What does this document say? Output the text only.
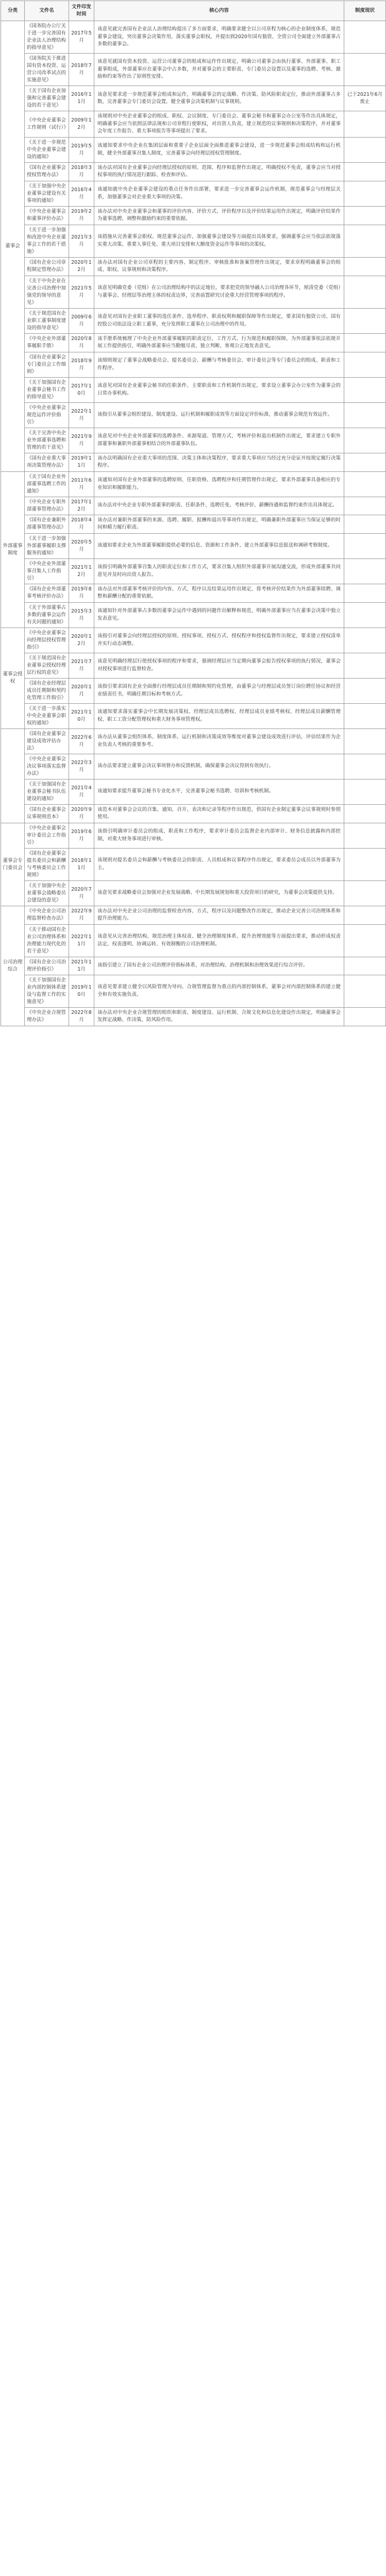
分类	文件名	文件印发时间	核心内容	制度现状
董事会	《国务院办公厅关于进一步完善国有企业法人治理结构的指导意见》	2017年5月	该意见就完善国有企业法人治理结构提出了多方面要求，明确要求健全以公司章程为核心的企业制度体系，规范董事会建设，突出董事会决策作用，落实董事会职权，并提出到2020年国有独资、全资公司全面建立外部董事占多数的董事会。	
	《国务院关于推进国有资本投资、运营公司改革试点的实施意见》	2018年7月	该意见就国有资本投资、运营公司董事会的组成和运作作出规定，明确公司董事会由执行董事、外部董事、职工董事组成，外部董事应在董事会中占多数，并对董事会的主要职责、专门委员会设置以及董事的选聘、考核、激励和约束等作出了原则性安排。	
	《关于国有企业加强和完善董事会建设的若干意见》	2016年11月	该意见要求进一步规范董事会组成和运作，明确董事会的定战略、作决策、防风险职责定位，推动外部董事占多数，完善董事会专门委员会设置，健全董事会决策机制与议事规则。	已于2021年6月废止
	《中央企业董事会工作规则（试行）》	2009年12月	该规则对中央企业董事会的组成、职权、会议制度、专门委员会、董事会秘书和董事会办公室等作出具体规定，明确董事会应当依照法律法规和公司章程行使职权，对出资人负责，建立规范的议事规则和决策程序，并对董事会年度工作报告、重大事项报告等事项提出了要求。	
	《关于进一步规范中央企业董事会建设的通知》	2019年5月	该通知要求中央企业在集团层面和重要子企业层面全面推进董事会建设，进一步规范董事会组成结构和运行机制，健全外部董事召集人制度，完善董事会向经理层授权管理制度。	
	《国有企业董事会授权管理办法》	2018年3月	该办法对国有企业董事会向经理层授权的原则、范围、程序和监督作出规定，明确授权不免责，董事会应当对授权事项的执行情况进行跟踪、检查和评估。	
	《关于加强中央企业董事会建设有关事项的通知》	2016年4月	该通知就中央企业董事会建设的重点任务作出部署，要求进一步完善董事会运作机制，规范董事会与经理层关系，加强董事会对企业重大事项的决策。	
	《中央企业董事会和董事评价办法》	2019年2月	该办法对中央企业董事会和董事的评价内容、评价方式、评价程序以及评价结果运用作出规定，明确评价结果作为董事选聘、调整和激励约束的重要依据。	
	《关于进一步加强和改进中央企业董事会工作的若干措施》	2021年3月	该措施从完善董事会职权、规范董事会运作、加强董事会建设等方面提出具体要求，强调董事会应当依法依规落实重大决策、重要人事任免、重大项目安排和大额度资金运作等事项的决策权。	
	《国有企业公司章程制定管理办法》	2020年12月	该办法对国有企业公司章程的主要内容、制定程序、审核批准和备案管理作出规定，要求章程明确董事会的组成、职权、议事规则和决策程序。	
	《关于中央企业在完善公司治理中加强党的领导的意见》	2021年5月	该意见明确党委（党组）在公司治理结构中的法定地位，要求把党的领导融入公司治理各环节，厘清党委（党组）与董事会、经理层等治理主体的权责边界，完善前置研究讨论重大经营管理事项的程序。	
	《关于规范国有企业职工董事制度建设的指导意见》	2009年6月	该意见对国有企业职工董事的选任条件、选举程序、职责权利和履职保障等作出规定，要求国有独资公司、国有控股公司依法设立职工董事，充分发挥职工董事在公司治理中的作用。	
	《中央企业外部董事履职手册》	2020年8月	该手册系统梳理了中央企业外部董事履职的职责定位、工作方式、行为规范和履职保障，为外部董事依法依规开展工作提供指引，明确外部董事应当勤勉尽责、独立判断、客观公正地发表意见。	
	《国有企业董事会专门委员会工作细则》	2018年9月	该细则规定了董事会战略委员会、提名委员会、薪酬与考核委员会、审计委员会等专门委员会的组成、职责和工作程序。	
	《关于加强国有企业董事会秘书工作的指导意见》	2017年10月	该意见对国有企业董事会秘书的任职条件、主要职责和工作机制作出规定，要求设立董事会办公室作为董事会的日常办事机构。	
	《中央企业董事会规范运作评价指引》	2022年1月	该指引从董事会组织建设、制度建设、运行机制和履职成效等方面设定评价标准，推动董事会规范有效运作。	
	《关于完善中央企业外部董事选聘和管理的若干意见》	2021年9月	该意见对中央企业外部董事的选聘条件、来源渠道、管理方式、考核评价和退出机制作出规定，要求建立专职外部董事和兼职外部董事相结合的外部董事队伍。	
	《国有企业重大事项决策管理办法》	2019年11月	该办法明确国有企业重大事项的范围、决策主体和决策程序，要求重大事项应当经过充分论证并按规定履行决策程序。	
外部董事制度	《关于国有企业外部董事选聘工作的通知》	2011年6月	该通知对国有企业外部董事的选聘原则、任职资格、选聘程序和任期管理作出规定，要求外部董事具备相应的专业知识和履职能力。	
	《中央企业专职外部董事管理办法》	2017年12月	该办法对中央企业专职外部董事的职责、任职条件、选聘任免、考核评价、薪酬待遇和监督约束作出具体规定。	
	《国有企业兼职外部董事管理办法》	2018年4月	该办法对兼职外部董事的来源、选聘、履职、报酬和退出等事项作出规定，明确兼职外部董事应当保证足够的时间和精力履行职责。	
	《关于进一步加强外部董事履职支撑服务的通知》	2020年5月	该通知要求企业为外部董事履职提供必要的信息、资源和工作条件，建立外部董事信息报送和调研考察制度。	
	《中央企业外部董事召集人工作指引》	2021年12月	该指引明确外部董事召集人的职责定位和工作方式，要求召集人组织外部董事开展沟通交流，形成外部董事共同意见并及时向出资人报告。	
	《国有企业外部董事考核评价办法》	2019年8月	该办法对外部董事考核评价的内容、方式、程序以及结果运用作出规定，将考核评价结果作为外部董事续聘、调整和薪酬分配的重要依据。	
	《关于外部董事占多数的董事会运作有关问题的通知》	2015年3月	该通知针对外部董事占多数的董事会运作中遇到的问题作出解释和规范，明确外部董事应当在董事会决策中独立发表意见。	
董事会授权	《中央企业董事会向经理层授权管理指引》	2020年12月	该指引对董事会向经理层授权的原则、授权事项、授权方式、授权程序和授权监督作出规定，要求建立授权清单并实行动态调整。	
	《关于规范国有企业董事会授权经理层行权的意见》	2021年7月	该意见明确经理层行使授权事项的程序和要求，强调经理层应当定期向董事会报告授权事项的执行情况，董事会对授权事项进行监督检查。	
	《国有企业经理层成员任期制和契约化管理工作指引》	2020年1月	该指引要求国有企业全面推行经理层成员任期制和契约化管理，由董事会与经理层成员签订岗位聘任协议和经营业绩责任书，明确任期目标和考核方式。	
	《关于进一步落实中央企业董事会职权的通知》	2021年10月	该通知要求落实董事会中长期发展决策权、经理层成员选聘权、经理层成员业绩考核权、经理层成员薪酬管理权、职工工资分配管理权和重大财务事项管理权。	
	《国有企业董事会建设成效评估办法》	2022年6月	该办法从董事会组织体系、制度体系、运行机制和决策成效等维度对董事会建设成效进行评估，评估结果作为企业负责人考核的重要参考。	
	《中央企业董事会决议事项落实监督办法》	2022年3月	该办法要求建立董事会决议事项督办和反馈机制，确保董事会决议得到有效执行。	
	《关于加强国有企业董事会秘书队伍建设的通知》	2021年4月	该通知要求提升董事会秘书专业化水平，完善董事会秘书选聘、培训和考核机制。	
	《国有企业董事会议事规则范本》	2020年9月	该范本对董事会会议的召集、通知、召开、表决和记录等程序作出规范，供国有企业制定董事会议事规则时参照使用。	
董事会专门委员会	《中央企业董事会审计委员会工作指引》	2019年6月	该指引明确审计委员会的组成、职责和工作程序，要求审计委员会监督企业内部审计、财务信息披露和内部控制，对重大财务事项进行审核。	
	《国有企业董事会提名委员会和薪酬与考核委员会工作规则》	2018年11月	该规则对提名委员会和薪酬与考核委员会的职责、人员组成和议事程序作出规定，要求委员会成员以外部董事为主。	
	《关于加强中央企业董事会战略委员会建设的意见》	2020年7月	该意见要求战略委员会加强对企业发展战略、中长期发展规划和重大投资项目的研究，为董事会决策提供支持。	
公司治理综合	《中央企业公司治理监督检查办法》	2022年9月	该办法对中央企业公司治理的监督检查内容、方式、程序以及问题整改作出规定，推动企业完善公司治理体系和提升治理能力。	
	《关于推动国有企业公司治理体系和治理能力现代化的若干意见》	2022年11月	该意见从完善治理结构、规范治理主体权责、健全治理制度体系、提升治理效能等方面提出要求，推动形成权责法定、权责透明、协调运转、有效制衡的公司治理机制。	
	《国有企业公司治理评价指引》	2021年11月	该指引建立了国有企业公司治理评价指标体系，对治理结构、治理机制和治理效果进行综合评价。	
	《关于加强国有企业内部控制体系建设与监督工作的实施意见》	2019年10月	该意见要求建立健全以风险管理为导向、合规管理监督为重点的内部控制体系，董事会对内部控制体系的建立健全和有效实施负责。	
	《中央企业合规管理办法》	2022年8月	该办法对中央企业合规管理的组织和职责、制度建设、运行机制、合规文化和信息化建设作出规定，明确董事会发挥定战略、作决策、防风险作用。	
